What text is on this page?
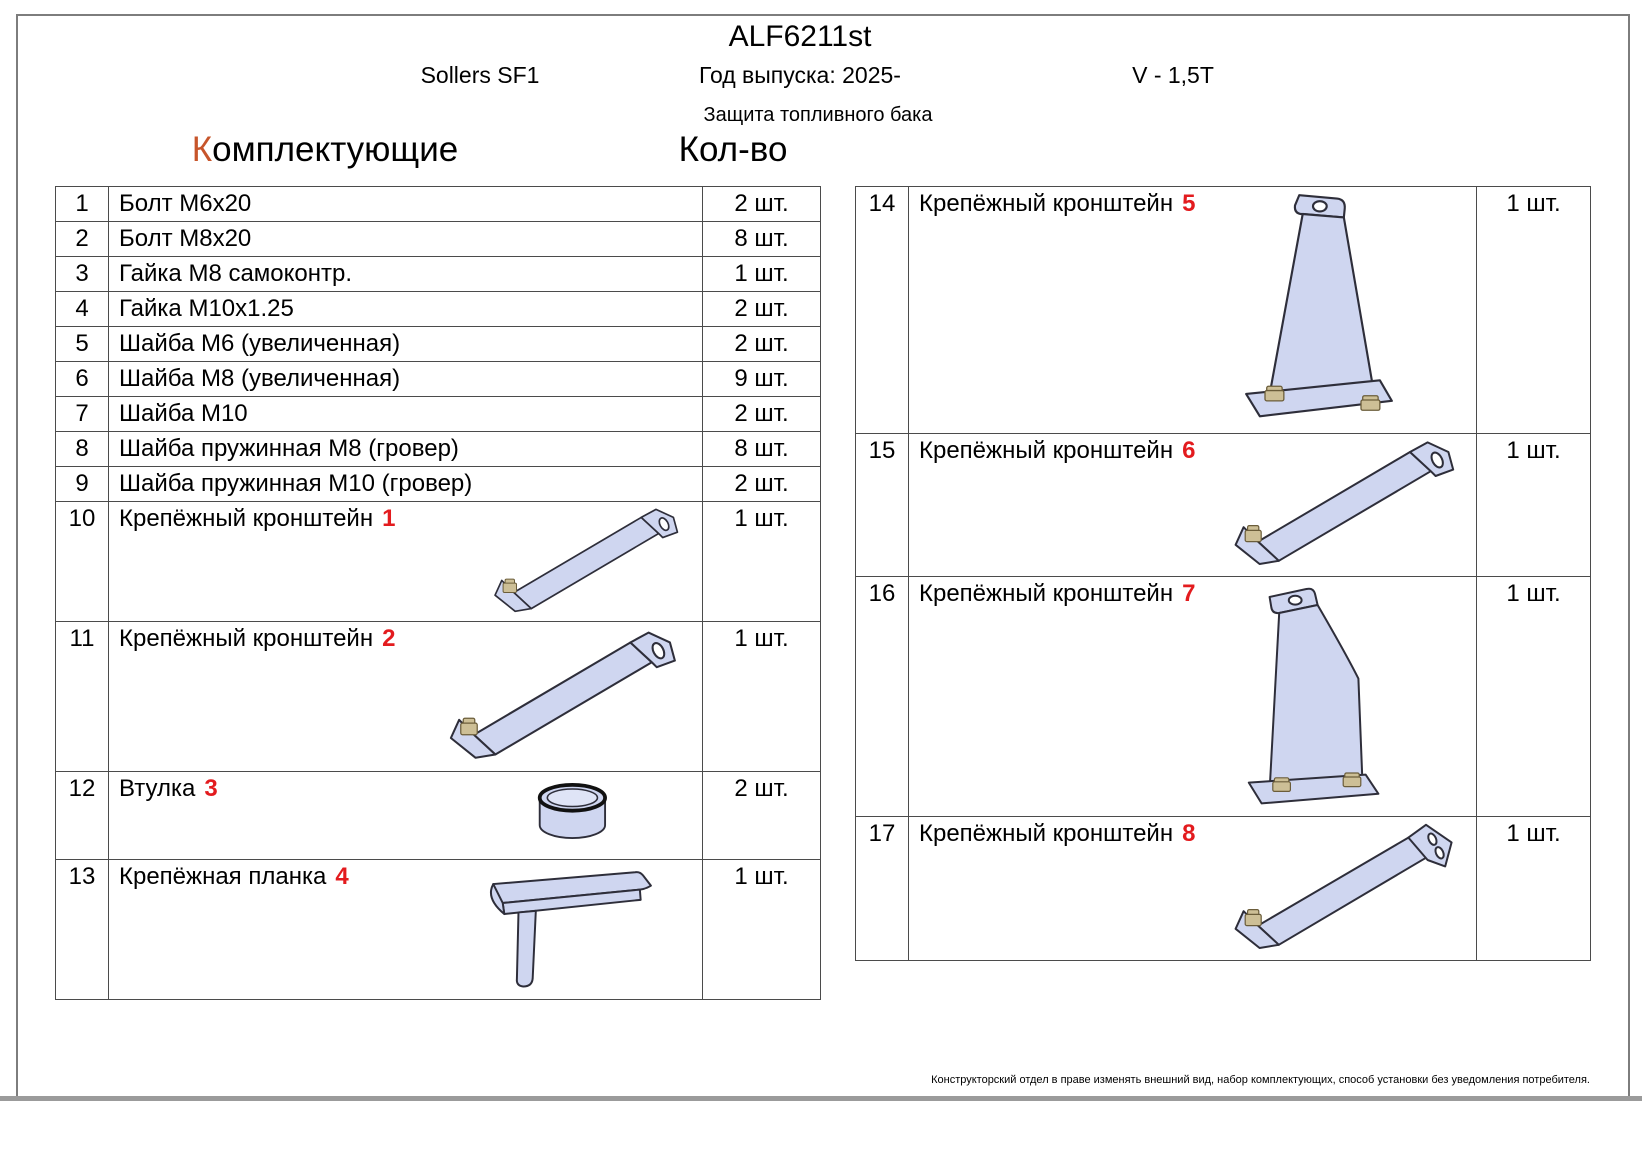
ALF6211st
Sollers SF1	Год выпуска: 2025-	V - 1,5T
Защита топливного бака
Комплектующие	Кол-во
1	Болт М6х20	2 шт.
2	Болт М8х20	8 шт.
3	Гайка М8 самоконтр.	1 шт.
4	Гайка М10х1.25	2 шт.
5	Шайба М6 (увеличенная)	2 шт.
6	Шайба М8 (увеличенная)	9 шт.
7	Шайба М10	2 шт.
8	Шайба пружинная М8 (гровер)	8 шт.
9	Шайба пружинная М10 (гровер)	2 шт.
10	Крепёжный кронштейн 1	1 шт.
11	Крепёжный кронштейн 2	1 шт.
12	Втулка 3	2 шт.
13	Крепёжная планка 4	1 шт.
14	Крепёжный кронштейн 5	1 шт.
15	Крепёжный кронштейн 6	1 шт.
16	Крепёжный кронштейн 7	1 шт.
17	Крепёжный кронштейн 8	1 шт.
Конструкторский отдел в праве изменять внешний вид, набор комплектующих, способ установки без уведомления потребителя.
